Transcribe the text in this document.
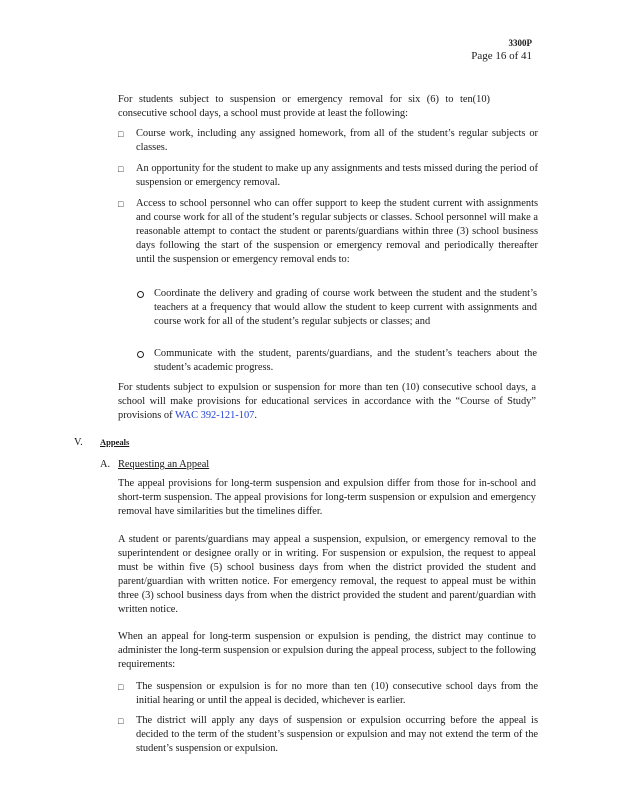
3300P
Page 16 of 41

For students subject to suspension or emergency removal for six (6) to ten(10) consecutive school days, a school must provide at least the following:

□ Course work, including any assigned homework, from all of the student’s regular subjects or classes.

□ An opportunity for the student to make up any assignments and tests missed during the period of suspension or emergency removal.

□ Access to school personnel who can offer support to keep the student current with assignments and course work for all of the student’s regular subjects or classes. School personnel will make a reasonable attempt to contact the student or parents/guardians within three (3) school business days following the start of the suspension or emergency removal and periodically thereafter until the suspension or emergency removal ends to:

Coordinate the delivery and grading of course work between the student and the student’s teachers at a frequency that would allow the student to keep current with assignments and course work for all of the student’s regular subjects or classes; and

Communicate with the student, parents/guardians, and the student’s teachers about the student’s academic progress.

For students subject to expulsion or suspension for more than ten (10) consecutive school days, a school will make provisions for educational services in accordance with the “Course of Study” provisions of WAC 392-121-107.

V. Appeals
A. Requesting an Appeal

The appeal provisions for long-term suspension and expulsion differ from those for in-school and short-term suspension. The appeal provisions for long-term suspension or expulsion and emergency removal have similarities but the timelines differ.

A student or parents/guardians may appeal a suspension, expulsion, or emergency removal to the superintendent or designee orally or in writing. For suspension or expulsion, the request to appeal must be within five (5) school business days from when the district provided the student and parent/guardian with written notice. For emergency removal, the request to appeal must be within three (3) school business days from when the district provided the student and parent/guardian with written notice.

When an appeal for long-term suspension or expulsion is pending, the district may continue to administer the long-term suspension or expulsion during the appeal process, subject to the following requirements:

□ The suspension or expulsion is for no more than ten (10) consecutive school days from the initial hearing or until the appeal is decided, whichever is earlier.

□ The district will apply any days of suspension or expulsion occurring before the appeal is decided to the term of the student’s suspension or expulsion and may not extend the term of the student’s suspension or expulsion.
